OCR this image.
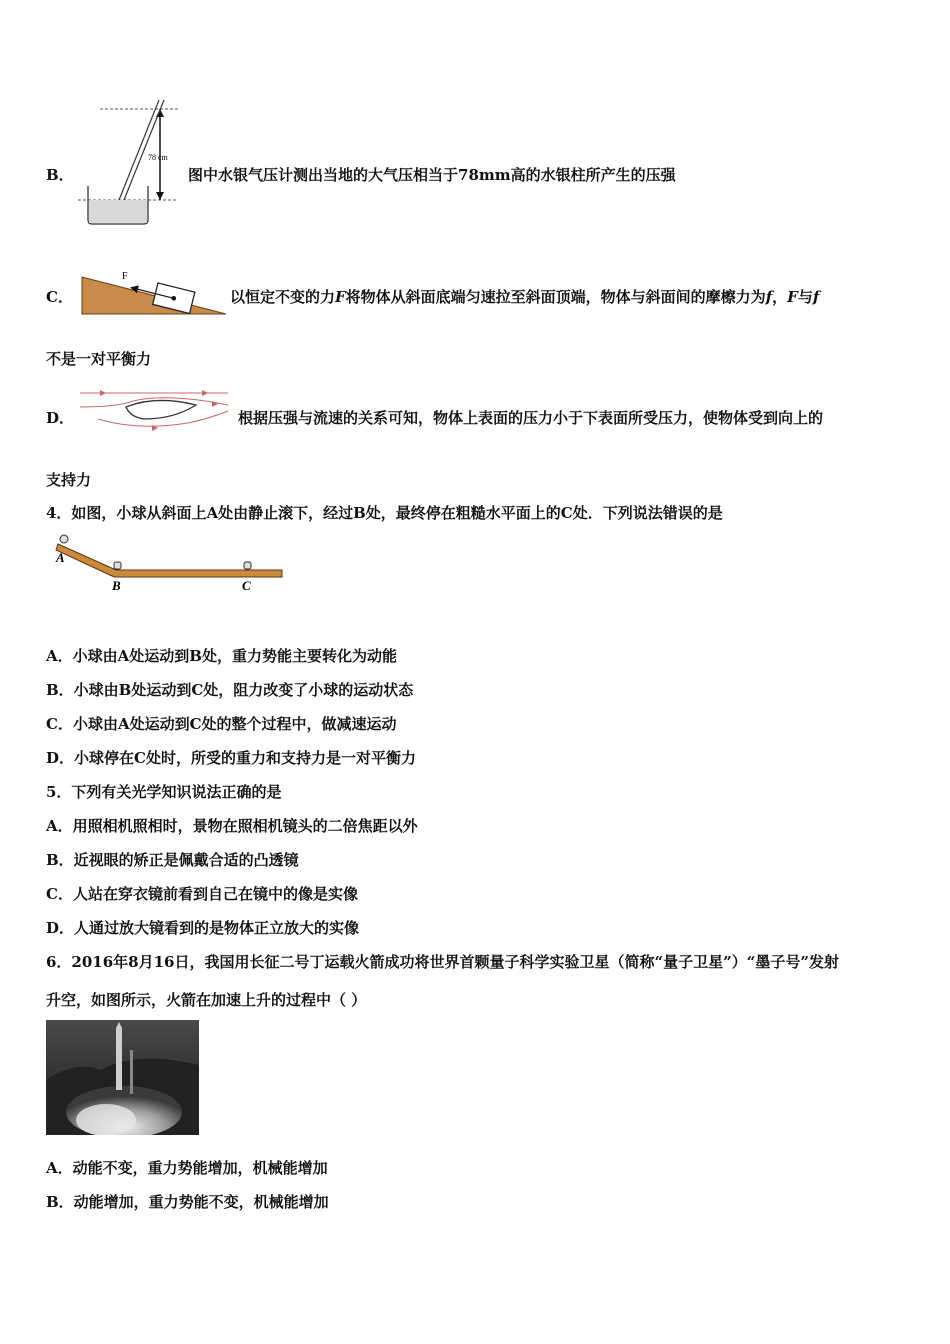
B．
78 cm
图中水银气压计测出当地的大气压相当于78mm高的水银柱所产生的压强
C．
F
以恒定不变的力F将物体从斜面底端匀速拉至斜面顶端，物体与斜面间的摩檫力为f，F与f
不是一对平衡力
D．	根据压强与流速的关系可知，物体上表面的压力小于下表面所受压力，使物体受到向上的
支持力
4．如图，小球从斜面上A处由静止滚下，经过B处，最终停在粗糙水平面上的C处．下列说法错误的是
A
B	C
A．小球由A处运动到B处，重力势能主要转化为动能
B．小球由B处运动到C处，阻力改变了小球的运动状态
C．小球由A处运动到C处的整个过程中，做减速运动
D．小球停在C处时，所受的重力和支持力是一对平衡力
5．下列有关光学知识说法正确的是
A．用照相机照相时，景物在照相机镜头的二倍焦距以外
B．近视眼的矫正是佩戴合适的凸透镜
C．人站在穿衣镜前看到自己在镜中的像是实像
D．人通过放大镜看到的是物体正立放大的实像
6．2016年8月16日，我国用长征二号丁运载火箭成功将世界首颗量子科学实验卫星（简称“量子卫星”）“墨子号”发射
升空，如图所示，火箭在加速上升的过程中（ ）
A．动能不变，重力势能增加，机械能增加
B．动能增加，重力势能不变，机械能增加
